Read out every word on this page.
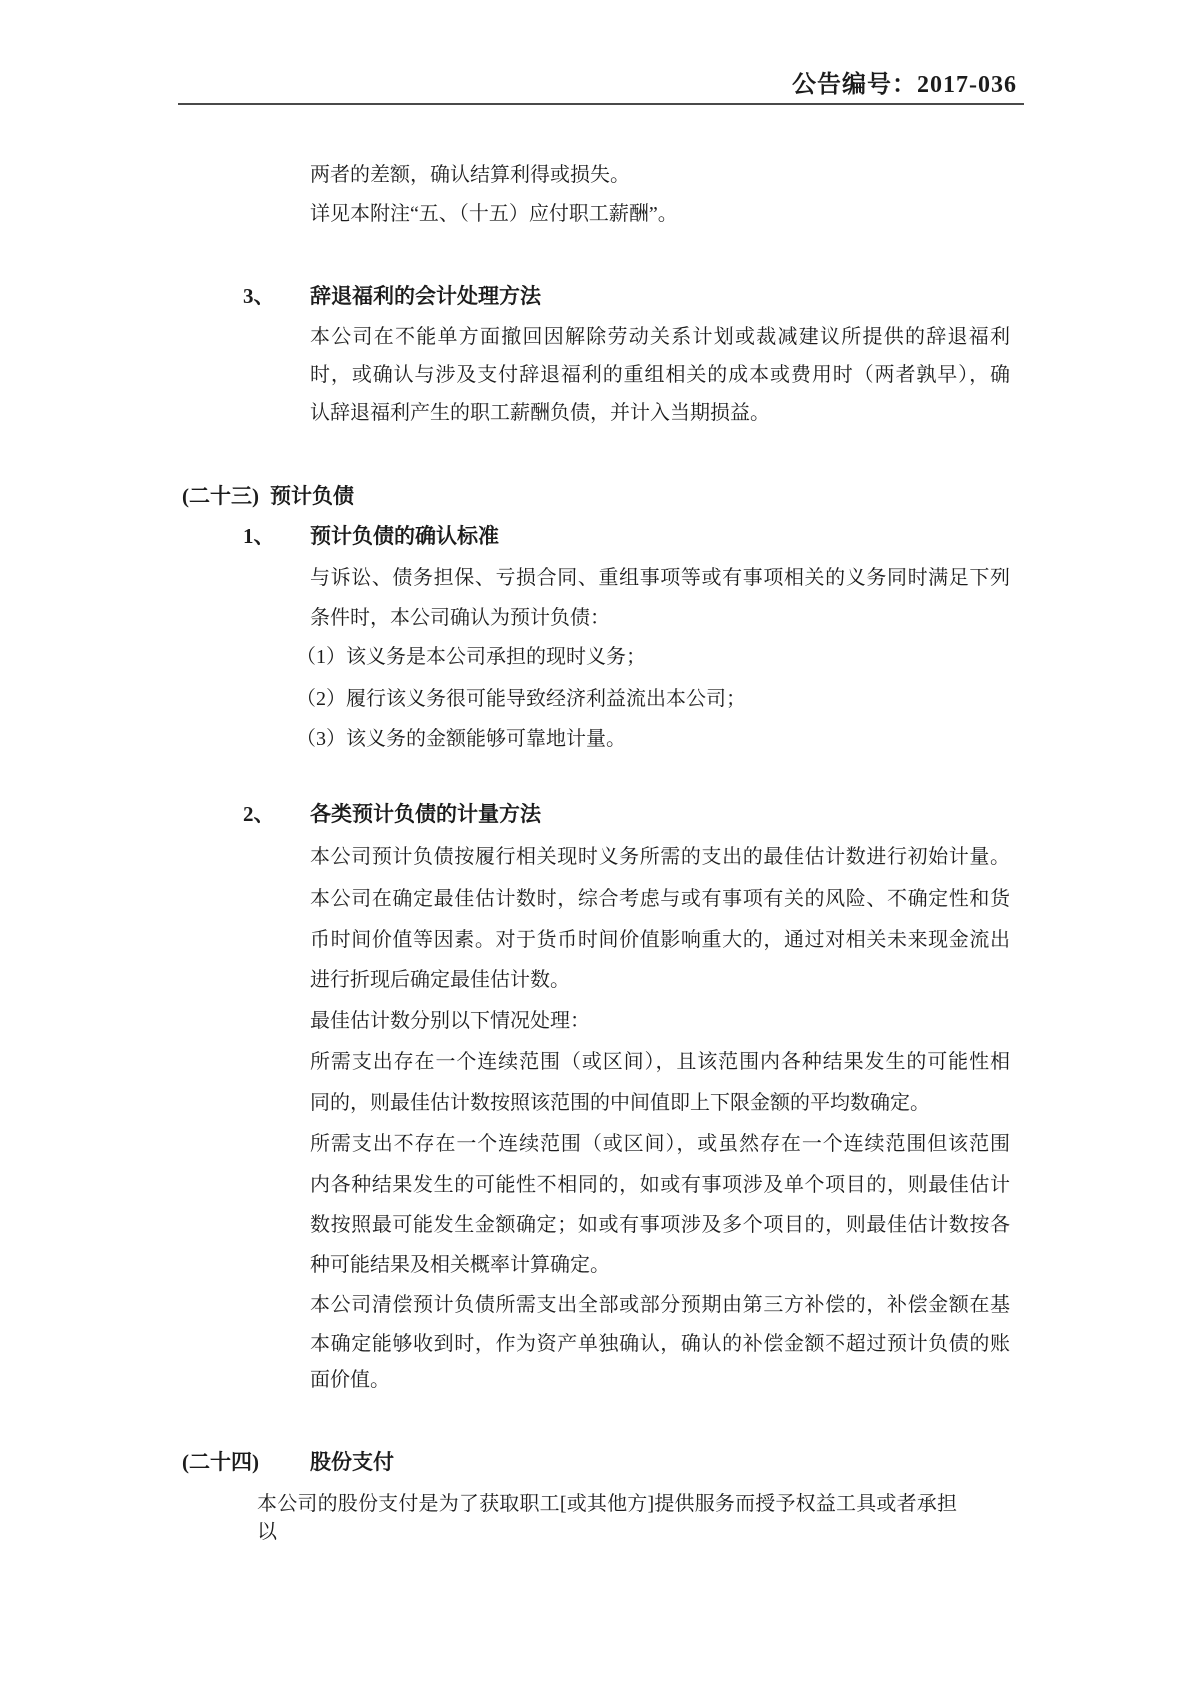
公告编号：2017-036
两者的差额，确认结算利得或损失。
详见本附注“五、（十五）应付职工薪酬”。
3、 辞退福利的会计处理方法
本公司在不能单方面撤回因解除劳动关系计划或裁减建议所提供的辞退福利
时，或确认与涉及支付辞退福利的重组相关的成本或费用时（两者孰早），确
认辞退福利产生的职工薪酬负债，并计入当期损益。
(二十三) 预计负债
1、 预计负债的确认标准
与诉讼、债务担保、亏损合同、重组事项等或有事项相关的义务同时满足下列
条件时，本公司确认为预计负债：
（1）该义务是本公司承担的现时义务；
（2）履行该义务很可能导致经济利益流出本公司；
（3）该义务的金额能够可靠地计量。
2、 各类预计负债的计量方法
本公司预计负债按履行相关现时义务所需的支出的最佳估计数进行初始计量。
本公司在确定最佳估计数时，综合考虑与或有事项有关的风险、不确定性和货
币时间价值等因素。对于货币时间价值影响重大的，通过对相关未来现金流出
进行折现后确定最佳估计数。
最佳估计数分别以下情况处理：
所需支出存在一个连续范围（或区间），且该范围内各种结果发生的可能性相
同的，则最佳估计数按照该范围的中间值即上下限金额的平均数确定。
所需支出不存在一个连续范围（或区间），或虽然存在一个连续范围但该范围
内各种结果发生的可能性不相同的，如或有事项涉及单个项目的，则最佳估计
数按照最可能发生金额确定；如或有事项涉及多个项目的，则最佳估计数按各
种可能结果及相关概率计算确定。
本公司清偿预计负债所需支出全部或部分预期由第三方补偿的，补偿金额在基
本确定能够收到时，作为资产单独确认，确认的补偿金额不超过预计负债的账
面价值。
(二十四) 股份支付
本公司的股份支付是为了获取职工[或其他方]提供服务而授予权益工具或者承担以
